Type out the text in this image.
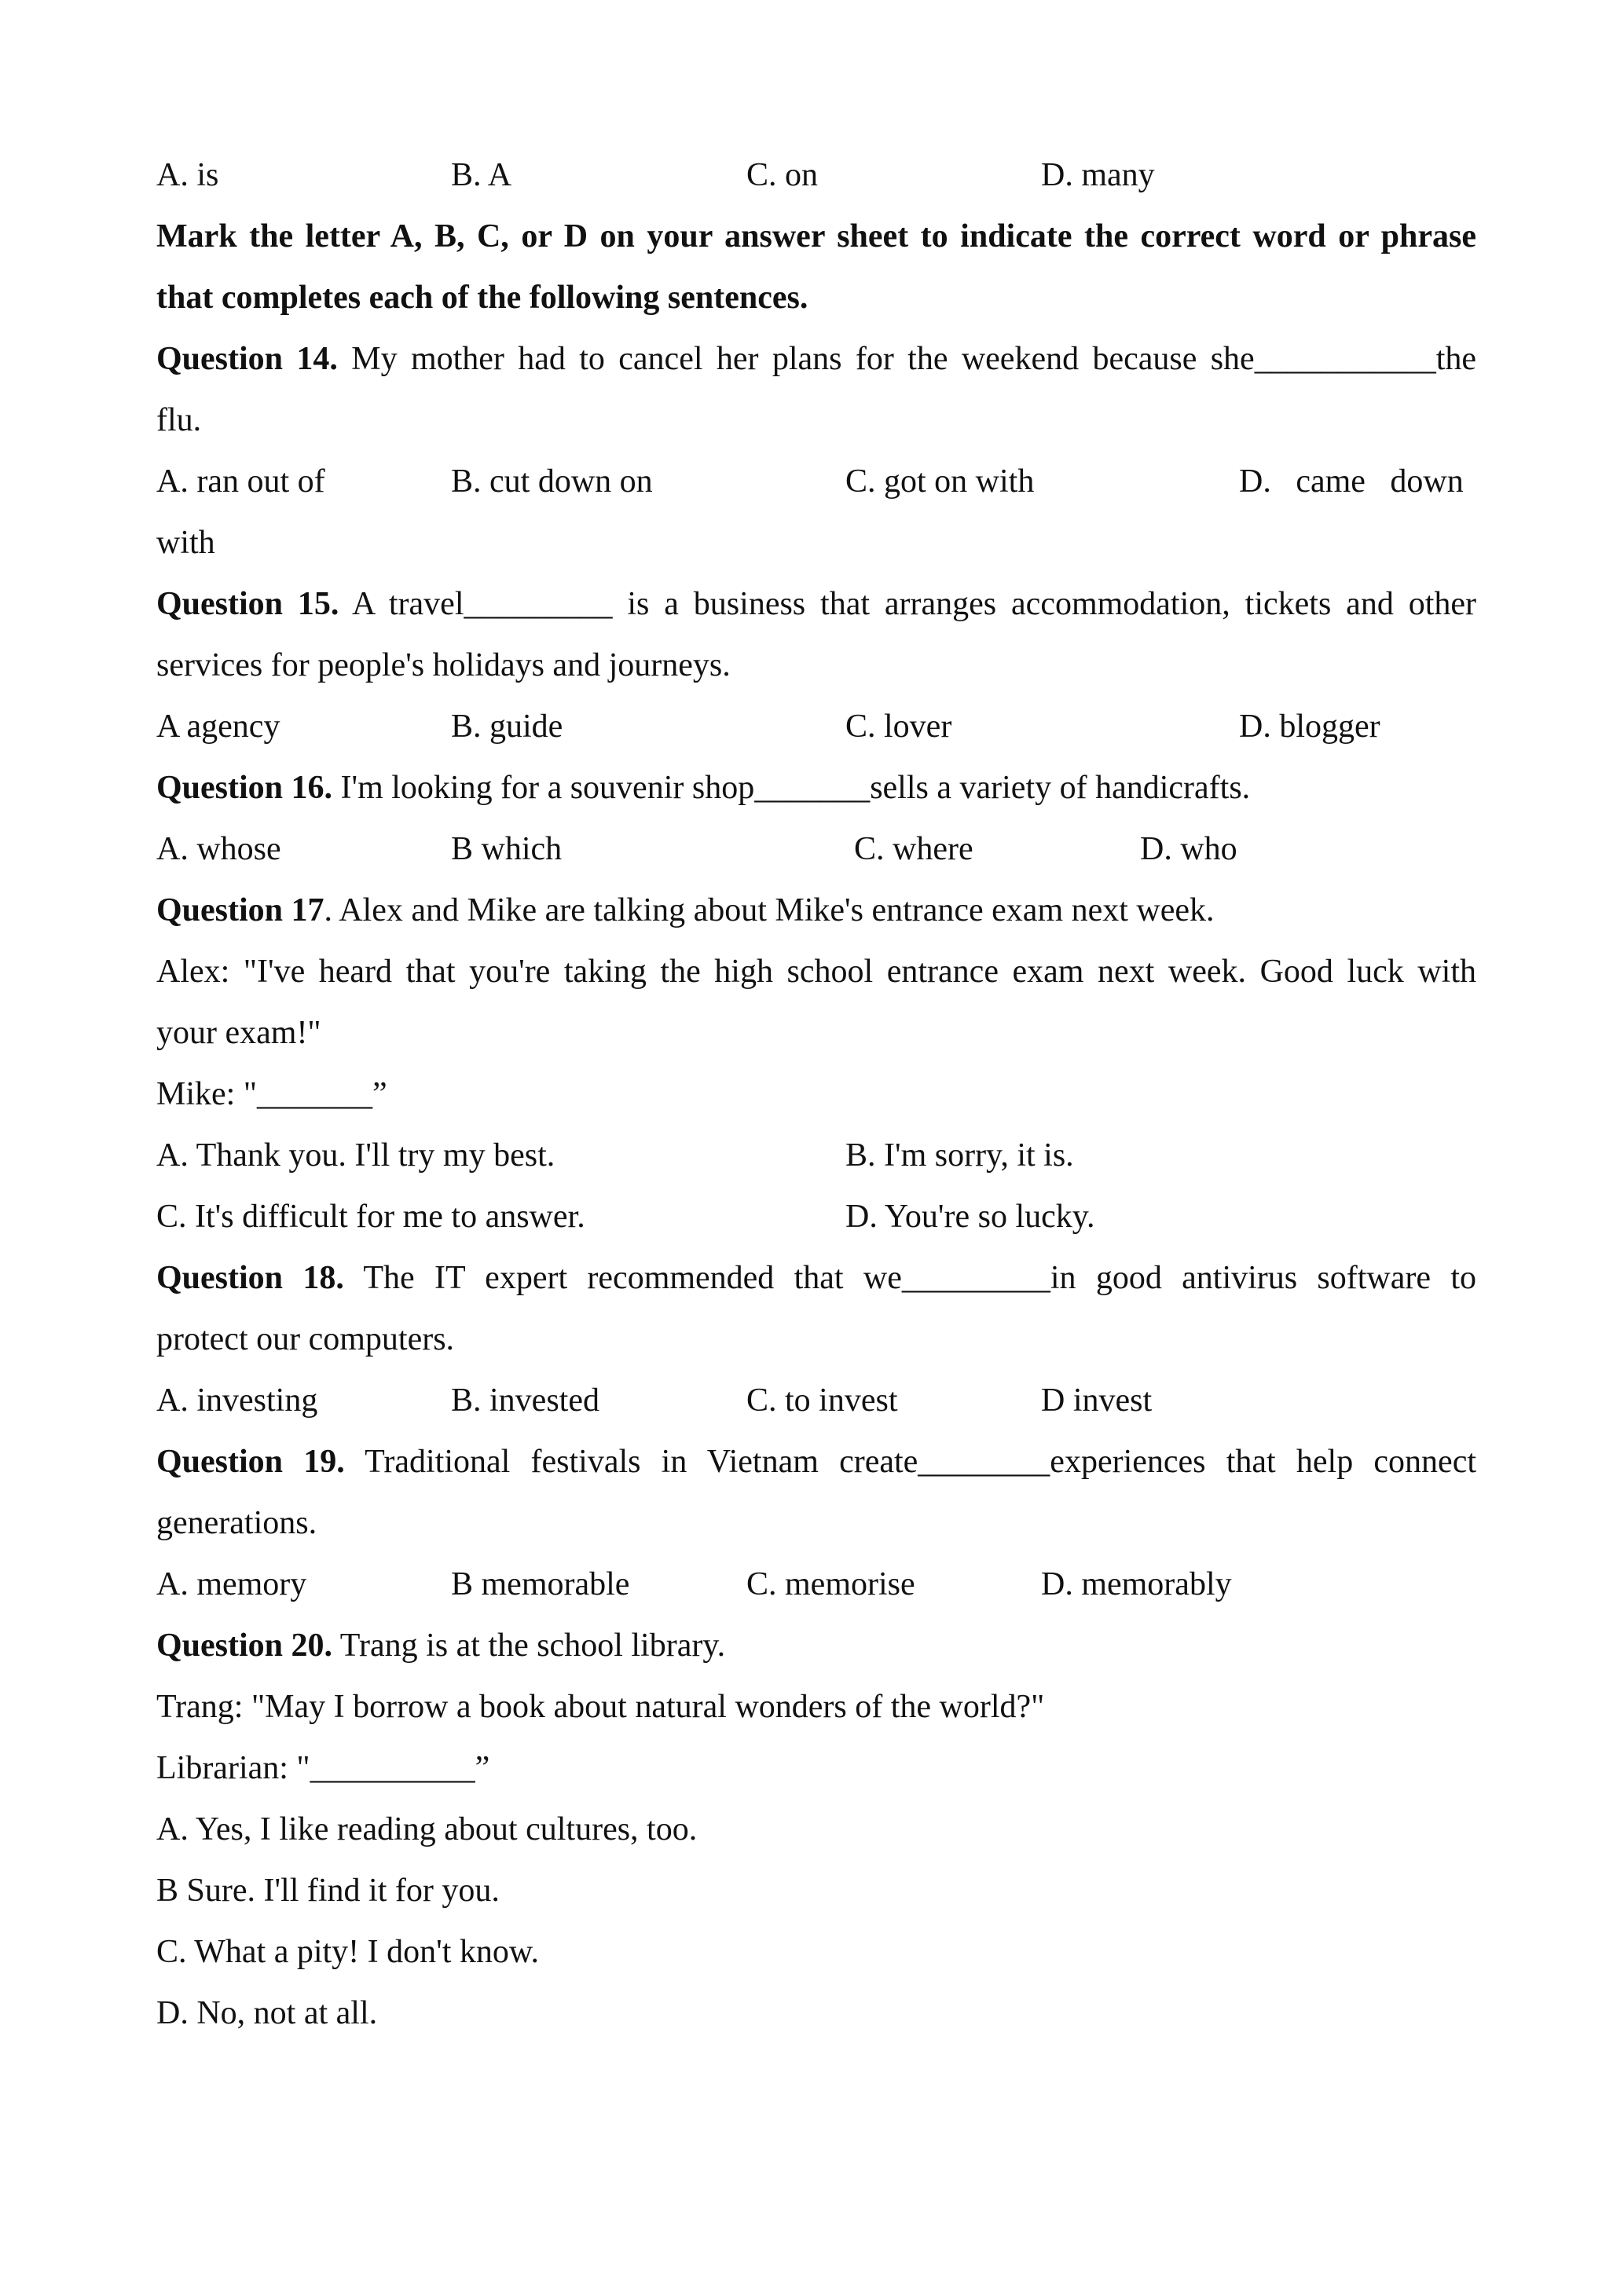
A. is	B. A	C. on	D. many
Mark the letter A, B, C, or D on your answer sheet to indicate the correct word or phrase
that completes each of the following sentences.
Question 14. My mother had to cancel her plans for the weekend because she___________the
flu.
A. ran out of	B. cut down on	C. got on with	D.   came   down
with
Question 15. A travel_________ is a business that arranges accommodation, tickets and other
services for people's holidays and journeys.
A agency	B. guide	C. lover	D. blogger
Question 16. I'm looking for a souvenir shop_______sells a variety of handicrafts.
A. whose	B which	C. where	D. who
Question 17. Alex and Mike are talking about Mike's entrance exam next week.
Alex: "I've heard that you're taking the high school entrance exam next week. Good luck with
your exam!"
Mike: "_______”
A. Thank you. I'll try my best.	B. I'm sorry, it is.
C. It's difficult for me to answer.	D. You're so lucky.
Question 18. The IT expert recommended that we_________in good antivirus software to
protect our computers.
A. investing	B. invested	C. to invest	D invest
Question 19. Traditional festivals in Vietnam create________experiences that help connect
generations.
A. memory	B memorable	C. memorise	D. memorably
Question 20. Trang is at the school library.
Trang: "May I borrow a book about natural wonders of the world?"
Librarian: "__________”
A. Yes, I like reading about cultures, too.
B Sure. I'll find it for you.
C. What a pity! I don't know.
D. No, not at all.
